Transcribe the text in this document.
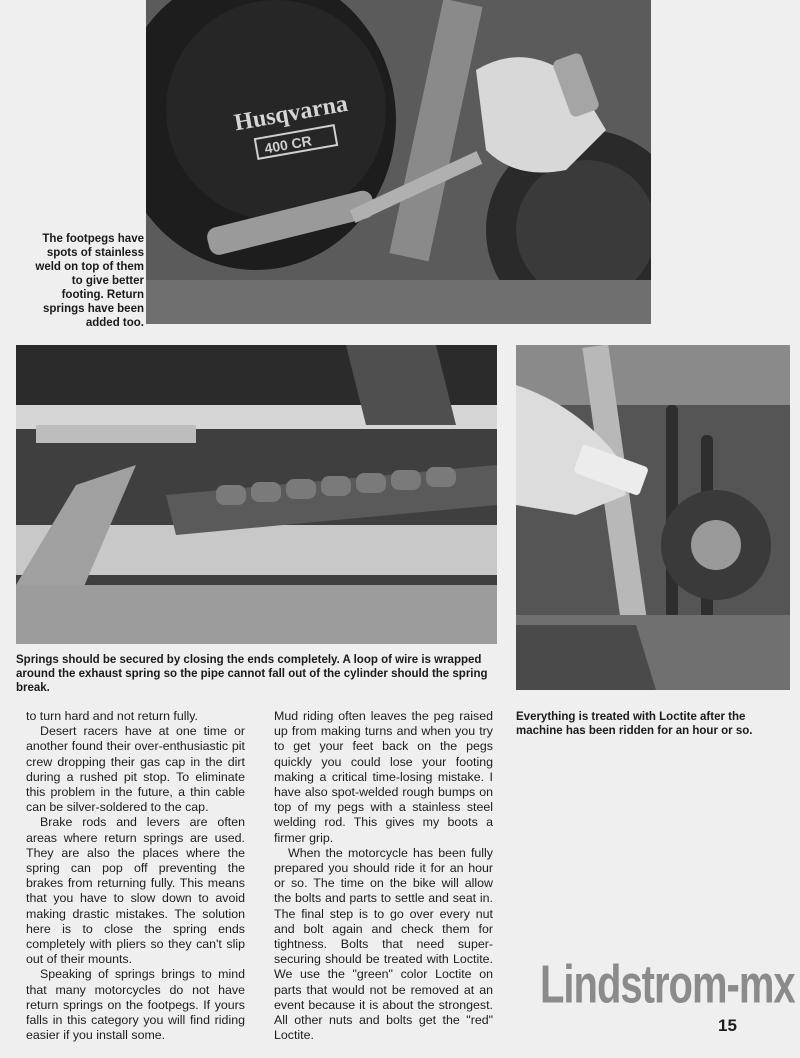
Husqvarna
400 CR
The footpegs have
spots of stainless
weld on top of them
to give better
footing. Return
springs have been
added too.
Springs should be secured by closing the ends completely. A loop of wire is wrapped around the exhaust spring so the pipe cannot fall out of the cylinder should the spring break.
Everything is treated with Loctite after the machine has been ridden for an hour or so.

to turn hard and not return fully.

Desert racers have at one time or another found their over-enthusiastic pit crew dropping their gas cap in the dirt during a rushed pit stop. To eliminate this problem in the future, a thin cable can be silver-soldered to the cap.

Brake rods and levers are often areas where return springs are used. They are also the places where the spring can pop off preventing the brakes from returning fully. This means that you have to slow down to avoid making drastic mistakes. The solution here is to close the spring ends completely with pliers so they can't slip out of their mounts.

Speaking of springs brings to mind that many motorcycles do not have return springs on the footpegs. If yours falls in this category you will find riding easier if you install some.

Mud riding often leaves the peg raised up from making turns and when you try to get your feet back on the pegs quickly you could lose your footing making a critical time-losing mistake. I have also spot-welded rough bumps on top of my pegs with a stainless steel welding rod. This gives my boots a firmer grip.

When the motorcycle has been fully prepared you should ride it for an hour or so. The time on the bike will allow the bolts and parts to settle and seat in. The final step is to go over every nut and bolt again and check them for tightness. Bolts that need super-securing should be treated with Loctite. We use the "green" color Loctite on parts that would not be removed at an event because it is about the strongest. All other nuts and bolts get the "red" Loctite.

Lindstrom-mx
15
